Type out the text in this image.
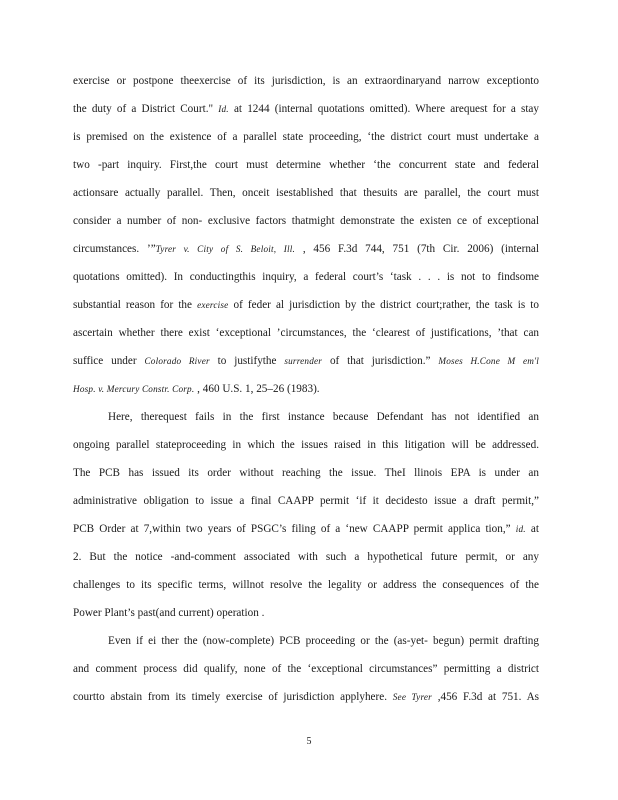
exercise or postpone theexercise of its jurisdiction, is an extraordinaryand narrow exceptionto
the duty of a District Court." Id. at 1244 (internal quotations omitted). Where arequest for a stay
is premised on the existence of a parallel state proceeding, ‘the district court must undertake a
two -part inquiry. First,the court must determine whether ‘the concurrent state and federal
actionsare actually parallel. Then, onceit isestablished that thesuits are parallel, the court must
consider a number of non- exclusive factors thatmight demonstrate the existen ce of exceptional
circumstances. ’”Tyrer v. City of S. Beloit, Ill. , 456 F.3d 744, 751 (7th Cir. 2006) (internal
quotations omitted). In conductingthis inquiry, a federal court’s ‘task . . . is not to findsome
substantial reason for the exercise of feder al jurisdiction by the district court;rather, the task is to
ascertain whether there exist ‘exceptional ’circumstances, the ‘clearest of justifications, ’that can
suffice under Colorado River to justifythe surrender of that jurisdiction.” Moses H.Cone M em'l
Hosp. v. Mercury Constr. Corp. , 460 U.S. 1, 25–26 (1983).
Here, therequest fails in the first instance because Defendant has not identified an
ongoing parallel stateproceeding in which the issues raised in this litigation will be addressed.
The PCB has issued its order without reaching the issue. TheI llinois EPA is under an
administrative obligation to issue a final CAAPP permit ‘if it decidesto issue a draft permit,”
PCB Order at 7,within two years of PSGC’s filing of a ‘new CAAPP permit applica tion,” id. at
2. But the notice -and-comment associated with such a hypothetical future permit, or any
challenges to its specific terms, willnot resolve the legality or address the consequences of the
Power Plant’s past(and current) operation .
Even if ei ther the (now-complete) PCB proceeding or the (as-yet- begun) permit drafting
and comment process did qualify, none of the ‘exceptional circumstances” permitting a district
courtto abstain from its timely exercise of jurisdiction applyhere. See Tyrer ,456 F.3d at 751. As
5
